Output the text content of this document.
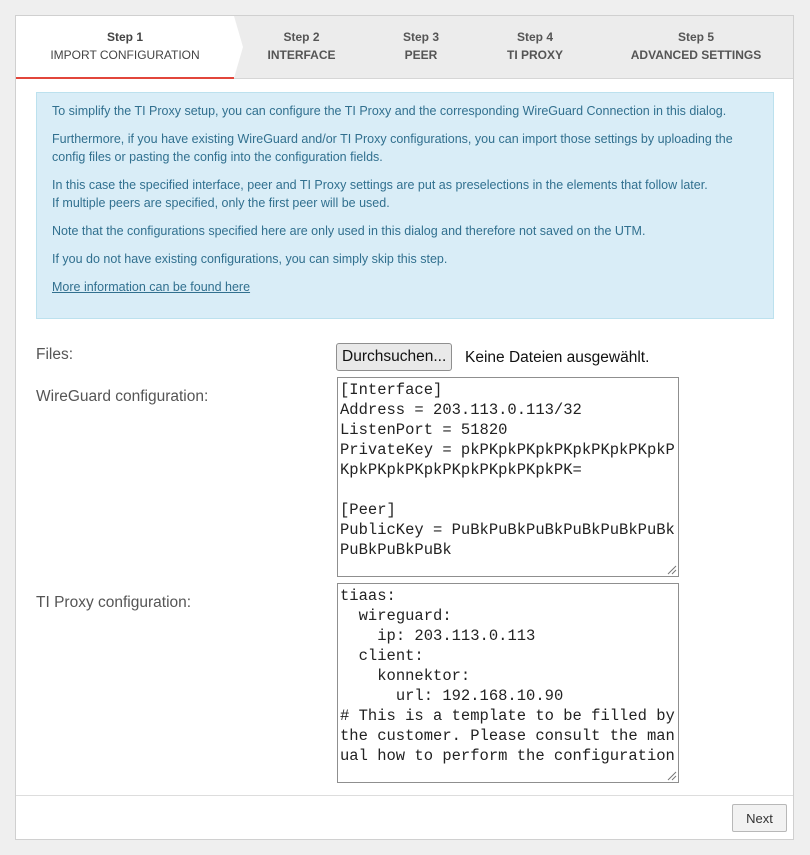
Step 1
IMPORT CONFIGURATION
Step 2
INTERFACE
Step 3
PEER
Step 4
TI PROXY
Step 5
ADVANCED SETTINGS

To simplify the TI Proxy setup, you can configure the TI Proxy and the corresponding WireGuard Connection in this dialog.

Furthermore, if you have existing WireGuard and/or TI Proxy configurations, you can import those settings by uploading the config files or pasting the config into the configuration fields.

In this case the specified interface, peer and TI Proxy settings are put as preselections in the elements that follow later.
If multiple peers are specified, only the first peer will be used.

Note that the configurations specified here are only used in this dialog and therefore not saved on the UTM.

If you do not have existing configurations, you can simply skip this step.

More information can be found here
Files:	Durchsuchen...	Keine Dateien ausgewählt.
WireGuard configuration:	[Interface]
Address = 203.113.0.113/32
ListenPort = 51820
PrivateKey = pkPKpkPKpkPKpkPKpkPKpkPKpkPKpkPKpkPKpkPKpkPKpkPK=

[Peer]
PublicKey = PuBkPuBkPuBkPuBkPuBkPuBkPuBkPuBkPuBk
TI Proxy configuration:	tiaas:
wireguard:
ip: 203.113.0.113
client:
konnektor:
url: 192.168.10.90
# This is a template to be filled by the customer. Please consult the manual how to perform the configuration
Next
